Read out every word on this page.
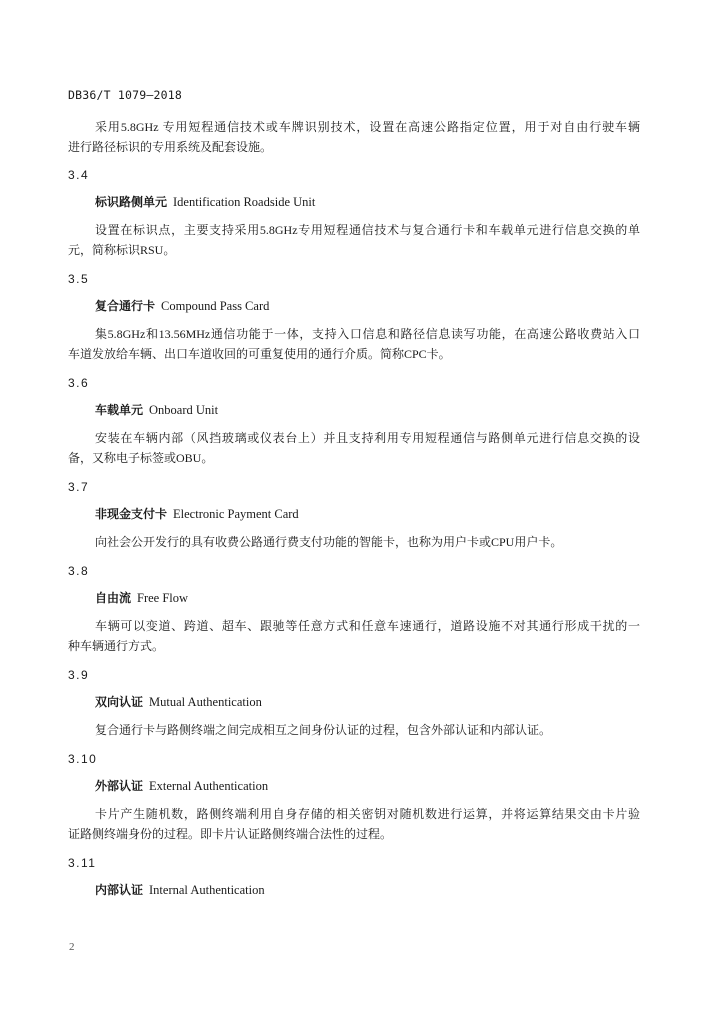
DB36/T 1079—2018
采用5.8GHz 专用短程通信技术或车牌识别技术，设置在高速公路指定位置，用于对自由行驶车辆
进行路径标识的专用系统及配套设施。
3.4
标识路侧单元 Identification Roadside Unit
设置在标识点，主要支持采用5.8GHz专用短程通信技术与复合通行卡和车载单元进行信息交换的单
元，简称标识RSU。
3.5
复合通行卡 Compound Pass Card
集5.8GHz和13.56MHz通信功能于一体，支持入口信息和路径信息读写功能，在高速公路收费站入口
车道发放给车辆、出口车道收回的可重复使用的通行介质。简称CPC卡。
3.6
车载单元 Onboard Unit
安装在车辆内部（风挡玻璃或仪表台上）并且支持利用专用短程通信与路侧单元进行信息交换的设
备，又称电子标签或OBU。
3.7
非现金支付卡 Electronic Payment Card
向社会公开发行的具有收费公路通行费支付功能的智能卡，也称为用户卡或CPU用户卡。
3.8
自由流 Free Flow
车辆可以变道、跨道、超车、跟驰等任意方式和任意车速通行，道路设施不对其通行形成干扰的一
种车辆通行方式。
3.9
双向认证 Mutual Authentication
复合通行卡与路侧终端之间完成相互之间身份认证的过程，包含外部认证和内部认证。
3.10
外部认证 External Authentication
卡片产生随机数，路侧终端利用自身存储的相关密钥对随机数进行运算，并将运算结果交由卡片验
证路侧终端身份的过程。即卡片认证路侧终端合法性的过程。
3.11
内部认证 Internal Authentication
2
